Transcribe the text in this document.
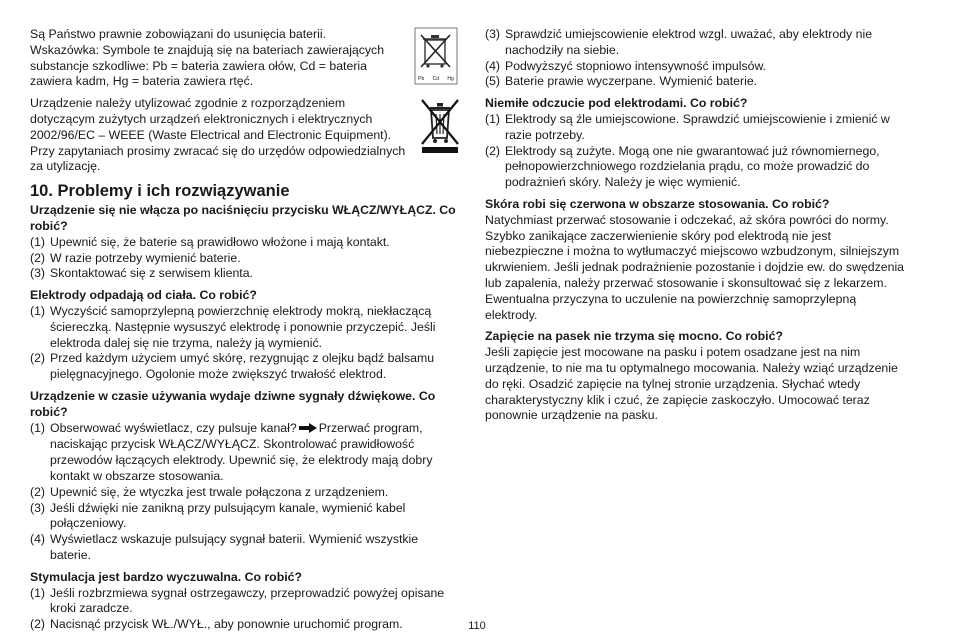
Są Państwo prawnie zobowiązani do usunięcia baterii.

Wskazówka: Symbole te znajdują się na bateriach zawierających substancje szkodliwe: Pb = bateria zawiera ołów, Cd = bateria zawiera kadm, Hg = bateria zawiera rtęć.	Pb Cd Hg

Urządzenie należy utylizować zgodnie z rozporządzeniem dotyczącym zużytych urządzeń elektronicznych i elektrycznych 2002/96/EC – WEEE (Waste Electrical and Electronic Equipment). Przy zapytaniach prosimy zwracać się do urzędów odpowiedzialnych za utylizację.

10. Problemy i ich rozwiązywanie

Urządzenie się nie włącza po naciśnięciu przycisku WŁĄCZ/WYŁĄCZ. Co robić?

(1) Upewnić się, że baterie są prawidłowo włożone i mają kontakt.
(2) W razie potrzeby wymienić baterie.
(3) Skontaktować się z serwisem klienta.

Elektrody odpadają od ciała. Co robić?

(1) Wyczyścić samoprzylepną powierzchnię elektrody mokrą, niekłaczącą ściereczką. Następnie wysuszyć elektrodę i ponownie przyczepić. Jeśli elektroda dalej się nie trzyma, należy ją wymienić.
(2) Przed każdym użyciem umyć skórę, rezygnując z olejku bądź balsamu pielęgnacyjnego. Ogolonie może zwiększyć trwałość elektrod.

Urządzenie w czasie używania wydaje dziwne sygnały dźwiękowe. Co robić?

(1) Obserwować wyświetlacz, czy pulsuje kanał? Przerwać program, naciskając przycisk WŁĄCZ/WYŁĄCZ. Skontrolować prawidłowość przewodów łączących elektrody. Upewnić się, że elektrody mają dobry kontakt w obszarze stosowania.
(2) Upewnić się, że wtyczka jest trwale połączona z urządzeniem.
(3) Jeśli dźwięki nie zanikną przy pulsującym kanale, wymienić kabel połączeniowy.
(4) Wyświetlacz wskazuje pulsujący sygnał baterii. Wymienić wszystkie baterie.

Stymulacja jest bardzo wyczuwalna. Co robić?

(1) Jeśli rozbrzmiewa sygnał ostrzegawczy, przeprowadzić powyżej opisane kroki zaradcze.
(2) Nacisnąć przycisk WŁ./WYŁ., aby ponownie uruchomić program.
(3) Sprawdzić umiejscowienie elektrod wzgl. uważać, aby elektrody nie nachodziły na siebie.
(4) Podwyższyć stopniowo intensywność impulsów.
(5) Baterie prawie wyczerpane. Wymienić baterie.

Niemiłe odczucie pod elektrodami. Co robić?

(1) Elektrody są źle umiejscowione. Sprawdzić umiejscowienie i zmienić w razie potrzeby.
(2) Elektrody są zużyte. Mogą one nie gwarantować już równomiernego, pełnopowierzchniowego rozdzielania prądu, co może prowadzić do podrażnień skóry. Należy je więc wymienić.

Skóra robi się czerwona w obszarze stosowania. Co robić?

Natychmiast przerwać stosowanie i odczekać, aż skóra powróci do normy. Szybko zanikające zaczerwienienie skóry pod elektrodą nie jest niebezpieczne i można to wytłumaczyć miejscowo wzbudzonym, silniejszym ukrwieniem. Jeśli jednak podrażnienie pozostanie i dojdzie ew. do swędzenia lub zapalenia, należy przerwać stosowanie i skonsultować się z lekarzem. Ewentualna przyczyna to uczulenie na powierzchnię samoprzylepną elektrody.

Zapięcie na pasek nie trzyma się mocno. Co robić?

Jeśli zapięcie jest mocowane na pasku i potem osadzane jest na nim urządzenie, to nie ma tu optymalnego mocowania. Należy wziąć urządzenie do ręki. Osadzić zapięcie na tylnej stronie urządzenia. Słychać wtedy charakterystyczny klik i czuć, że zapięcie zaskoczyło. Umocować teraz ponownie urządzenie na pasku.

110
